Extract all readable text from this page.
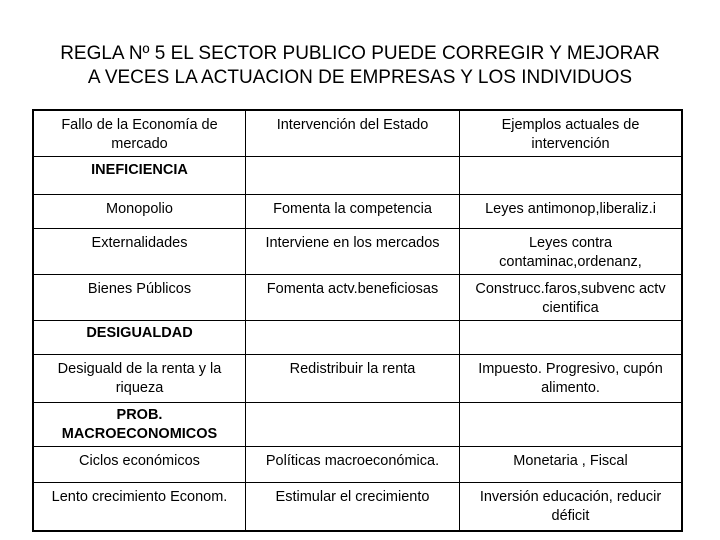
REGLA Nº 5 EL SECTOR PUBLICO PUEDE CORREGIR Y MEJORAR
A VECES LA ACTUACION DE EMPRESAS Y LOS INDIVIDUOS
Fallo de la Economía de mercado	Intervención del Estado	Ejemplos actuales de intervención
INEFICIENCIA		
Monopolio	Fomenta la competencia	Leyes antimonop,liberaliz.i
Externalidades	Interviene en los mercados	Leyes contra contaminac,ordenanz,
Bienes Públicos	Fomenta actv.beneficiosas	Construcc.faros,subvenc actv cientifica
DESIGUALDAD		
Desiguald de la renta y la riqueza	Redistribuir la renta	Impuesto. Progresivo, cupón alimento.
PROB. MACROECONOMICOS		
Ciclos económicos	Políticas macroeconómica.	Monetaria , Fiscal
Lento crecimiento Econom.	Estimular el crecimiento	Inversión educación, reducir déficit
